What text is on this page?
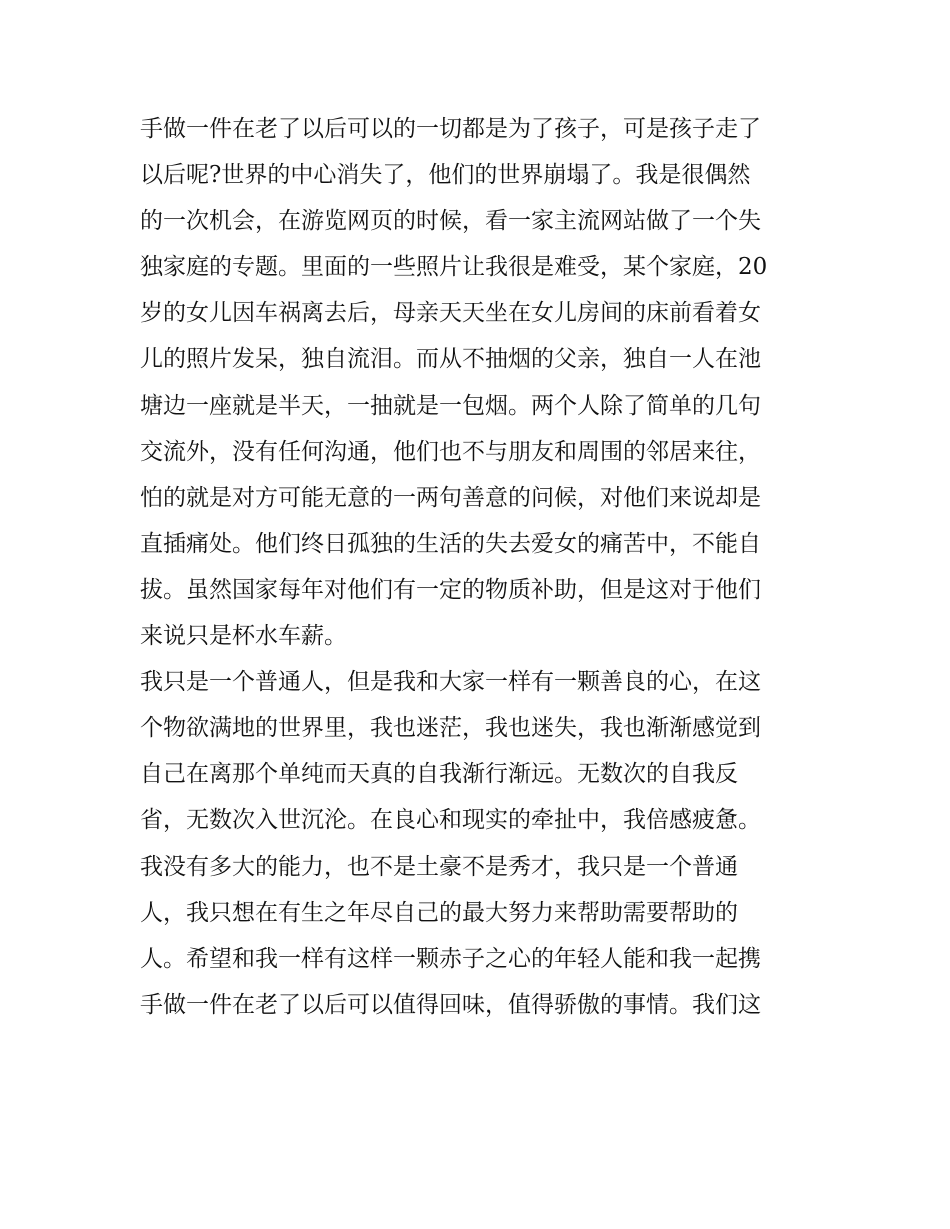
手做一件在老了以后可以的一切都是为了孩子，可是孩子走了
以后呢?世界的中心消失了，他们的世界崩塌了。我是很偶然
的一次机会，在游览网页的时候，看一家主流网站做了一个失
独家庭的专题。里面的一些照片让我很是难受，某个家庭，20
岁的女儿因车祸离去后，母亲天天坐在女儿房间的床前看着女
儿的照片发呆，独自流泪。而从不抽烟的父亲，独自一人在池
塘边一座就是半天，一抽就是一包烟。两个人除了简单的几句
交流外，没有任何沟通，他们也不与朋友和周围的邻居来往，
怕的就是对方可能无意的一两句善意的问候，对他们来说却是
直插痛处。他们终日孤独的生活的失去爱女的痛苦中，不能自
拔。虽然国家每年对他们有一定的物质补助，但是这对于他们
来说只是杯水车薪。
我只是一个普通人，但是我和大家一样有一颗善良的心，在这
个物欲满地的世界里，我也迷茫，我也迷失，我也渐渐感觉到
自己在离那个单纯而天真的自我渐行渐远。无数次的自我反
省，无数次入世沉沦。在良心和现实的牵扯中，我倍感疲惫。
我没有多大的能力，也不是土豪不是秀才，我只是一个普通
人，我只想在有生之年尽自己的最大努力来帮助需要帮助的
人。希望和我一样有这样一颗赤子之心的年轻人能和我一起携
手做一件在老了以后可以值得回味，值得骄傲的事情。我们这
